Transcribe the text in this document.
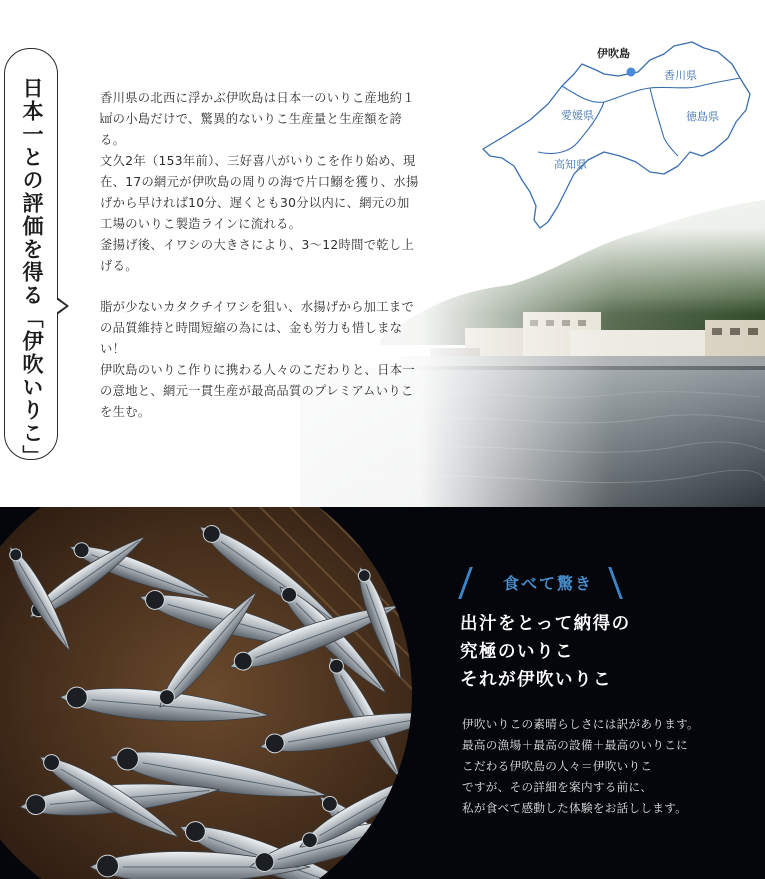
伊吹島
香川県
愛媛県	徳島県
高知県
日本一との評価を得る「伊吹いりこ」	香川県の北西に浮かぶ伊吹島は日本一のいりこ産地約１㎢の小島だけで、驚異的ないりこ生産量と生産額を誇る。

文久2年（153年前）、三好喜八がいりこを作り始め、現在、17の網元が伊吹島の周りの海で片口鰯を獲り、水揚げから早ければ10分、遅くとも30分以内に、網元の加工場のいりこ製造ラインに流れる。

釜揚げ後、イワシの大きさにより、3〜12時間で乾し上げる。

脂が少ないカタクチイワシを狙い、水揚げから加工までの品質維持と時間短縮の為には、金も労力も惜しまない！

伊吹島のいりこ作りに携わる人々のこだわりと、日本一の意地と、網元一貫生産が最高品質のプレミアムいりこを生む。

食べて驚き

出汁をとって納得の

究極のいりこ

それが伊吹いりこ

伊吹いりこの素晴らしさには訳があります。

最高の漁場＋最高の設備＋最高のいりこに

こだわる伊吹島の人々＝伊吹いりこ

ですが、その詳細を案内する前に、

私が食べて感動した体験をお話しします。
